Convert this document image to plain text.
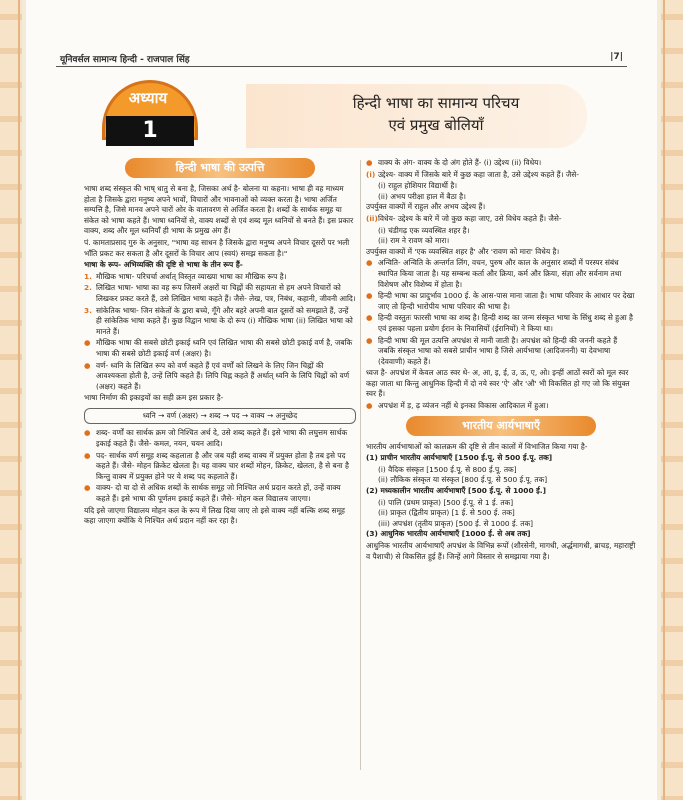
यूनिवर्सल सामान्य हिन्दी - राजपाल सिंह	|7|
अध्याय
1
हिन्दी भाषा का सामान्य परिचय
एवं प्रमुख बोलियाँ
हिन्दी भाषा की उत्पत्ति

भाषा शब्द संस्कृत की भाष् धातु से बना है, जिसका अर्थ है- बोलना या कहना। भाषा ही वह माध्यम होता है जिसके द्वारा मनुष्य अपने भावों, विचारों और भावनाओं को व्यक्त करता है। भाषा अर्जित सम्पत्ति है, जिसे मानव अपने चारों ओर के वातावरण से अर्जित करता है। शब्दों के सार्थक समूह या संकेत को भाषा कहते हैं। भाषा ध्वनियों से, वाक्य शब्दों से एवं शब्द मूल ध्वनियों से बनते हैं। इस प्रकार वाक्य, शब्द और मूल ध्वनियाँ ही भाषा के प्रमुख अंग हैं।

पं. कामताप्रसाद गुरु के अनुसार, "भाषा वह साधन है जिसके द्वारा मनुष्य अपने विचार दूसरों पर भली भाँति प्रकट कर सकता है और दूसरों के विचार आप (स्वयं) समझ सकता है।"

भाषा के रूप- अभिव्यक्ति की दृष्टि से भाषा के तीन रूप हैं-

1. मौखिक भाषा- परिचर्चा अर्थात् विस्तृत व्याख्या भाषा का मौखिक रूप है।
2. लिखित भाषा- भाषा का वह रूप जिसमें अक्षरों या चिह्नों की सहायता से हम अपने विचारों को लिखकर प्रकट करते हैं, उसे लिखित भाषा कहते हैं। जैसे- लेख, पत्र, निबंध, कहानी, जीवनी आदि।
3. सांकेतिक भाषा- जिन संकेतों के द्वारा बच्चे, गूँगे और बहरे अपनी बात दूसरों को समझाते हैं, उन्हें ही सांकेतिक भाषा कहते हैं। कुछ विद्वान भाषा के दो रूप (i) मौखिक भाषा (ii) लिखित भाषा को मानते हैं।
● मौखिक भाषा की सबसे छोटी इकाई ध्वनि एवं लिखित भाषा की सबसे छोटी इकाई वर्ण है, जबकि भाषा की सबसे छोटी इकाई वर्ण (अक्षर) है।
● वर्ण- ध्वनि के लिखित रूप को वर्ण कहते हैं एवं वर्णों को लिखने के लिए जिन चिह्नों की आवश्यकता होती है, उन्हें लिपि कहते हैं। लिपि चिह्न कहते हैं अर्थात् ध्वनि के लिपि चिह्नों को वर्ण (अक्षर) कहते हैं।

भाषा निर्माण की इकाइयों का सही क्रम इस प्रकार है-

ध्वनि → वर्ण (अक्षर) → शब्द → पद → वाक्य → अनुच्छेद
● शब्द- वर्णों का सार्थक क्रम जो निश्चित अर्थ दे, उसे शब्द कहते हैं। इसे भाषा की लघुत्तम सार्थक इकाई कहते हैं। जैसे- कमल, नयन, चयन आदि।
● पद- सार्थक वर्ण समूह शब्द कहलाता है और जब यही शब्द वाक्य में प्रयुक्त होता है तब इसे पद कहते हैं। जैसे- मोहन क्रिकेट खेलता है। यह वाक्य चार शब्दों मोहन, क्रिकेट, खेलता, है से बना है किन्तु वाक्य में प्रयुक्त होने पर ये शब्द पद कहलाते हैं।
● वाक्य- दो या दो से अधिक शब्दों के सार्थक समूह जो निश्चित अर्थ प्रदान करते हों, उन्हें वाक्य कहते हैं। इसे भाषा की पूर्णतम इकाई कहते हैं। जैसे- मोहन कल विद्यालय जाएगा।

यदि इसे जाएगा विद्यालय मोहन कल के रूप में लिख दिया जाए तो इसे वाक्य नहीं बल्कि शब्द समूह कहा जाएगा क्योंकि ये निश्चित अर्थ प्रदान नहीं कर रहा है।

● वाक्य के अंग- वाक्य के दो अंग होते हैं- (i) उद्देश्य (ii) विधेय।
(i) उद्देश्य- वाक्य में जिसके बारे में कुछ कहा जाता है, उसे उद्देश्य कहते हैं। जैसे-
(i) राहुल होशियार विद्यार्थी है।
(ii) अभय परीक्षा हाल में बैठा है।

उपर्युक्त वाक्यों में राहुल और अभय उद्देश्य हैं।

(ii) विधेय- उद्देश्य के बारे में जो कुछ कहा जाए, उसे विधेय कहते हैं। जैसे-
(i) चंडीगढ़ एक व्यवस्थित शहर है।
(ii) राम ने रावण को मारा।

उपर्युक्त वाक्यों में 'एक व्यवस्थित शहर है' और 'रावण को मारा' विधेय है।

● अन्विति- अन्विति के अन्तर्गत लिंग, वचन, पुरुष और काल के अनुसार शब्दों में परस्पर संबंध स्थापित किया जाता है। यह सम्बन्ध कर्ता और क्रिया, कर्म और क्रिया, संज्ञा और सर्वनाम तथा विशेषण और विशेष्य में होता है।
● हिन्दी भाषा का प्रादुर्भाव 1000 ई. के आस-पास माना जाता है। भाषा परिवार के आधार पर देखा जाए तो हिन्दी भारोपीय भाषा परिवार की भाषा है।
● हिन्दी वस्तुतः फारसी भाषा का शब्द है। हिन्दी शब्द का जन्म संस्कृत भाषा के सिंधु शब्द से हुआ है एवं इसका पहला प्रयोग ईरान के निवासियों (ईरानियों) ने किया था।
● हिन्दी भाषा की मूल उत्पत्ति अपभ्रंश से मानी जाती है। अपभ्रंश को हिन्दी की जननी कहते हैं जबकि संस्कृत भाषा को सबसे प्राचीन भाषा है जिसे आर्यभाषा (आदिजननी) या देवभाषा (देववाणी) कहते हैं।

ध्वज है- अपभ्रंश में केवल आठ स्वर थे- अ, आ, इ, ई, उ, ऊ, ए, ओ। इन्हीं आठों स्वरों को मूल स्वर कहा जाता था किन्तु आधुनिक हिन्दी में दो नये स्वर 'ऐ' और 'औ' भी विकसित हो गए जो कि संयुक्त स्वर हैं।

● अपभ्रंश में ड़, ढ़ व्यंजन नहीं थे इनका विकास आदिकाल में हुआ।
भारतीय आर्यभाषाएँ

भारतीय आर्यभाषाओं को कालक्रम की दृष्टि से तीन कालों में विभाजित किया गया है-

(1) प्राचीन भारतीय आर्यभाषाएँ [1500 ई.पू. से 500 ई.पू. तक]

(i) वैदिक संस्कृत [1500 ई.पू. से 800 ई.पू. तक]
(ii) लौकिक संस्कृत या संस्कृत [800 ई.पू. से 500 ई.पू. तक]

(2) मध्यकालीन भारतीय आर्यभाषाएँ [500 ई.पू. से 1000 ई.]

(i) पालि (प्रथम प्राकृत) [500 ई.पू. से 1 ई. तक]
(ii) प्राकृत (द्वितीय प्राकृत) [1 ई. से 500 ई. तक]
(iii) अपभ्रंश (तृतीय प्राकृत) [500 ई. से 1000 ई. तक]

(3) आधुनिक भारतीय आर्यभाषाएँ [1000 ई. से अब तक]

आधुनिक भारतीय आर्यभाषाएँ अपभ्रंश के विभिन्न रूपों (शौरसेनी, मागधी, अर्द्धमागधी, ब्राचड़, महाराष्ट्री व पैशाची) से विकसित हुई हैं। जिन्हें आगे विस्तार से समझाया गया है।
